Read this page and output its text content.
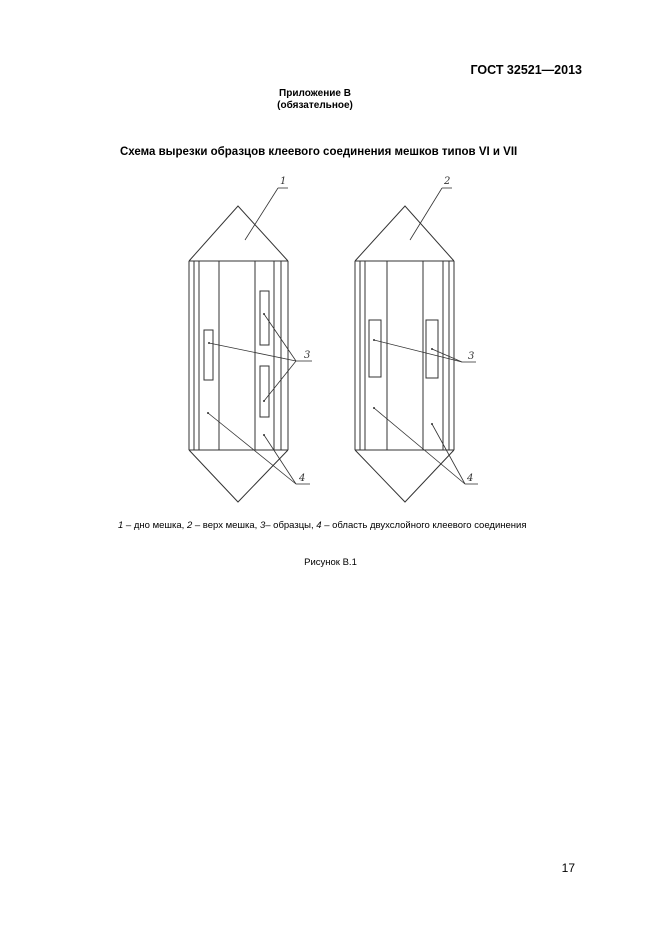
ГОСТ 32521—2013
Приложение В
(обязательное)
Схема вырезки образцов клеевого соединения мешков типов VI и VII
1	2
3	3
4	4
1 – дно мешка, 2 – верх мешка, 3– образцы, 4 – область двухслойного клеевого соединения
Рисунок В.1
17
